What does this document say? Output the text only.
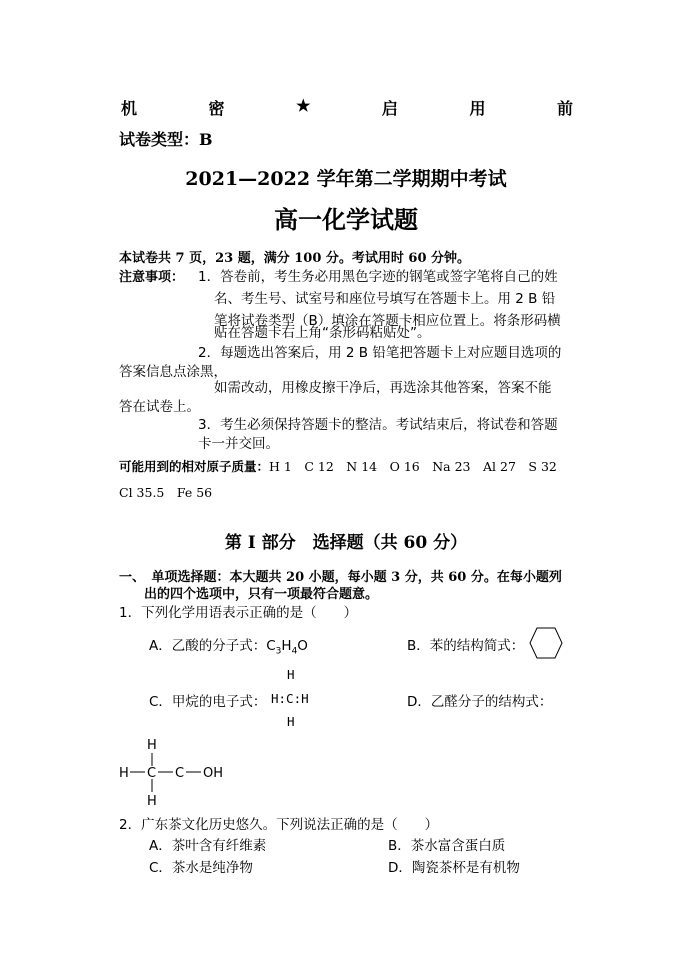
机	密	★	启	用	前
试卷类型：B
2021—2022 学年第二学期期中考试
高一化学试题
本试卷共 7 页，23 题，满分 100 分。考试用时 60 分钟。
注意事项： 1．答卷前，考生务必用黑色字迹的钢笔或签字笔将自己的姓
名、考生号、试室号和座位号填写在答题卡上。用 2 B 铅
笔将试卷类型（B）填涂在答题卡相应位置上。将条形码横
贴在答题卡右上角“条形码粘贴处”。
2．每题选出答案后，用 2 B 铅笔把答题卡上对应题目选项的
答案信息点涂黑，
如需改动，用橡皮擦干净后，再选涂其他答案，答案不能
答在试卷上。
3．考生必须保持答题卡的整洁。考试结束后，将试卷和答题
卡一并交回。
可能用到的相对原子质量：H 1　C 12　N 14　O 16　Na 23　Al 27　S 32
Cl 35.5　Fe 56
第 I 部分　选择题（共 60 分）
一、　单项选择题：本大题共 20 小题，每小题 3 分，共 60 分。在每小题列
出的四个选项中，只有一项最符合题意。
1．下列化学用语表示正确的是（　　）
A．乙酸的分子式：$C_3H_4O$	B．苯的结构简式：
H
C．甲烷的电子式： H:C:H
H
D．乙醛分子的结构式：
H
H C C OH
H
2．广东茶文化历史悠久。下列说法正确的是（　　）
A．茶叶含有纤维素	B．茶水富含蛋白质
C．茶水是纯净物	D．陶瓷茶杯是有机物
